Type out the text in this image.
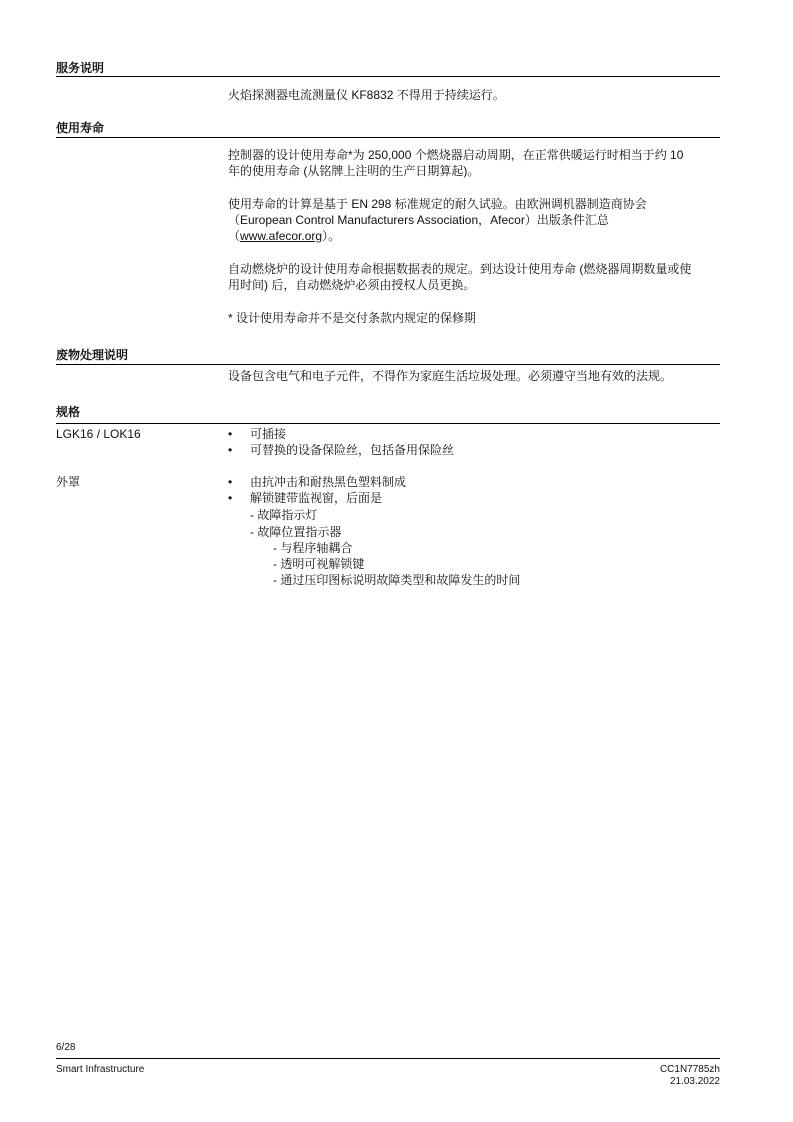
服务说明
火焰探测器电流测量仪 KF8832 不得用于持续运行。
使用寿命
控制器的设计使用寿命*为 250,000 个燃烧器启动周期，在正常供暖运行时相当于约 10
年的使用寿命 (从铭牌上注明的生产日期算起)。
使用寿命的计算是基于 EN 298 标准规定的耐久试验。由欧洲调机器制造商协会
（European Control Manufacturers Association，Afecor）出版条件汇总
（www.afecor.org）。
自动燃烧炉的设计使用寿命根据数据表的规定。到达设计使用寿命 (燃烧器周期数量或使
用时间) 后，自动燃烧炉必须由授权人员更换。
* 设计使用寿命并不是交付条款内规定的保修期
废物处理说明
设备包含电气和电子元件，不得作为家庭生活垃圾处理。必须遵守当地有效的法规。
规格
LGK16 / LOK16	• 可插接
• 可替换的设备保险丝，包括备用保险丝
外罩	• 由抗冲击和耐热黑色塑料制成
• 解锁键带监视窗，后面是
- 故障指示灯
- 故障位置指示器
- 与程序轴耦合
- 透明可视解锁键
- 通过压印图标说明故障类型和故障发生的时间
6/28
Smart Infrastructure	CC1N7785zh
21.03.2022
